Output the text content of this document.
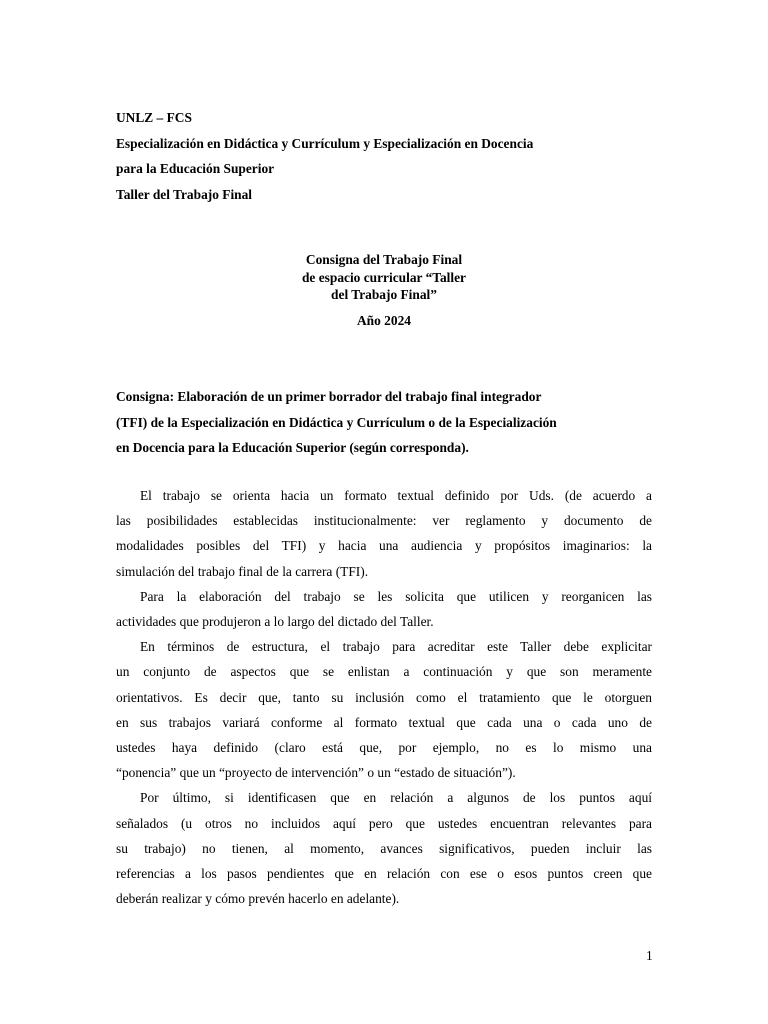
UNLZ – FCS
Especialización en Didáctica y Currículum y Especialización en Docencia
para la Educación Superior
Taller del Trabajo Final
Consigna del Trabajo Final
de espacio curricular “Taller
del Trabajo Final”
Año 2024
Consigna: Elaboración de un primer borrador del trabajo final integrador
(TFI) de la Especialización en Didáctica y Currículum o de la Especialización
en Docencia para la Educación Superior (según corresponda).

El trabajo se orienta hacia un formato textual definido por Uds. (de acuerdo a
las posibilidades establecidas institucionalmente: ver reglamento y documento de
modalidades posibles del TFI) y hacia una audiencia y propósitos imaginarios: la
simulación del trabajo final de la carrera (TFI).

Para la elaboración del trabajo se les solicita que utilicen y reorganicen las
actividades que produjeron a lo largo del dictado del Taller.

En términos de estructura, el trabajo para acreditar este Taller debe explicitar
un conjunto de aspectos que se enlistan a continuación y que son meramente
orientativos. Es decir que, tanto su inclusión como el tratamiento que le otorguen
en sus trabajos variará conforme al formato textual que cada una o cada uno de
ustedes haya definido (claro está que, por ejemplo, no es lo mismo una
“ponencia” que un “proyecto de intervención” o un “estado de situación”).

Por último, si identificasen que en relación a algunos de los puntos aquí
señalados (u otros no incluidos aquí pero que ustedes encuentran relevantes para
su trabajo) no tienen, al momento, avances significativos, pueden incluir las
referencias a los pasos pendientes que en relación con ese o esos puntos creen que
deberán realizar y cómo prevén hacerlo en adelante).

1
